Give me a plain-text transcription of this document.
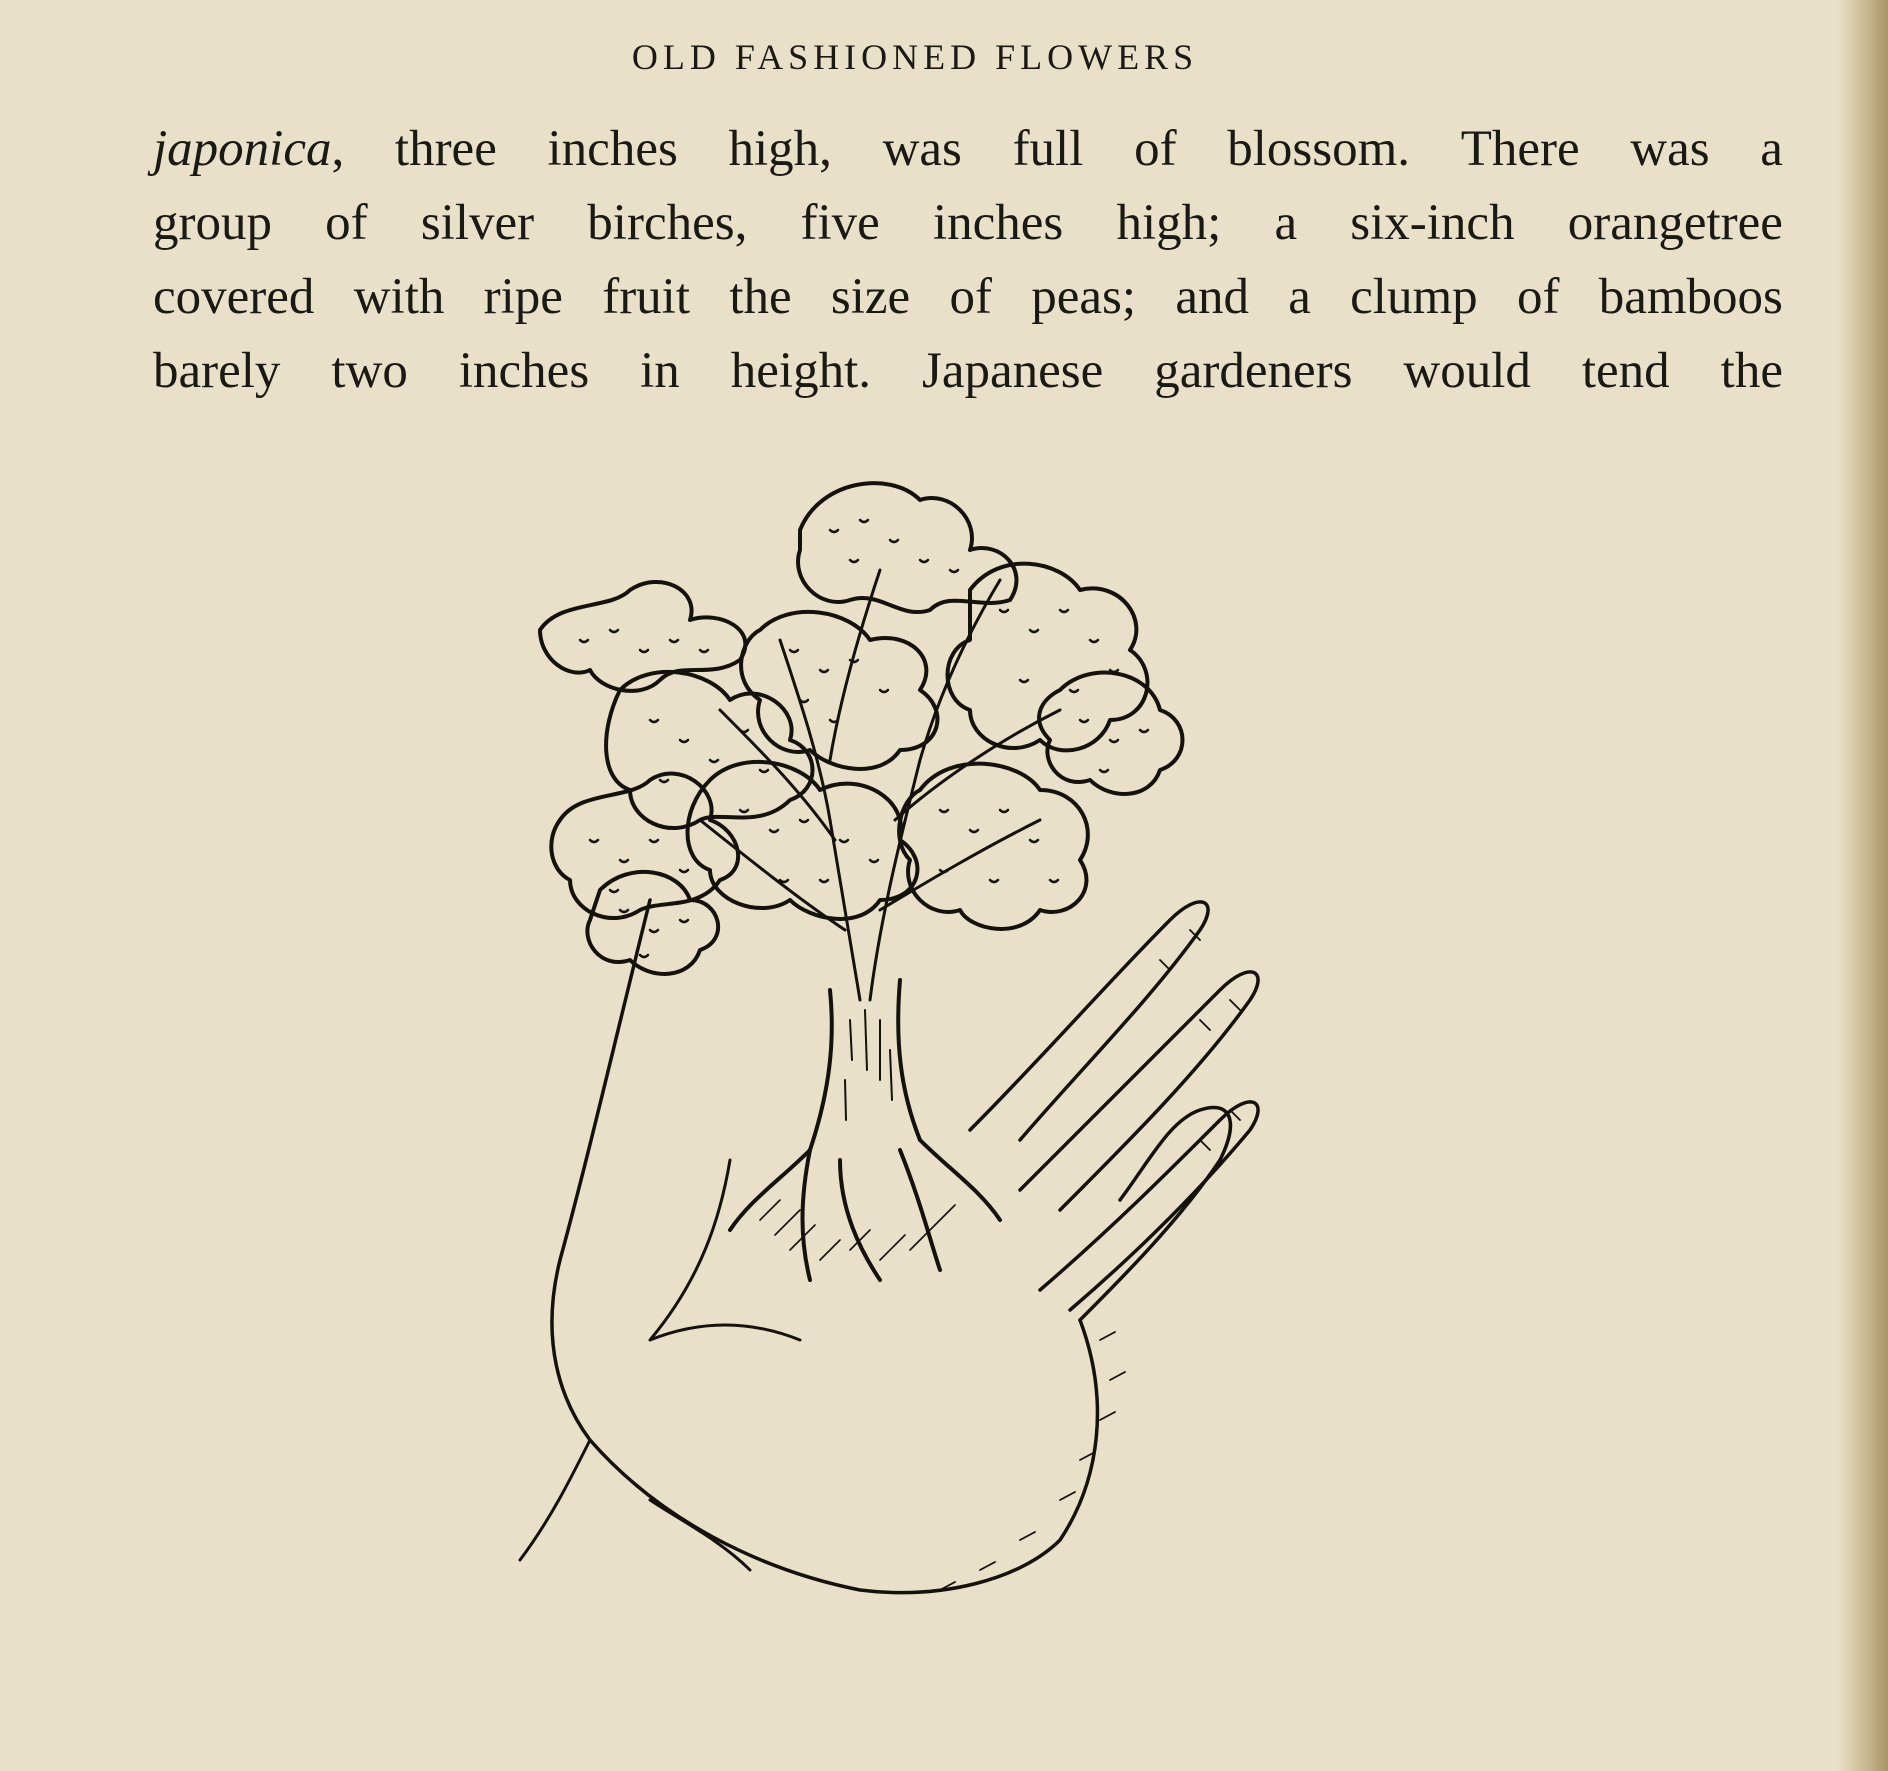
OLD FASHIONED FLOWERS
japonica, three inches high, was full of blossom. There was a
group of silver birches, five inches high; a six-inch orangetree
covered with ripe fruit the size of peas; and a clump of bamboos
barely two inches in height. Japanese gardeners would tend the
